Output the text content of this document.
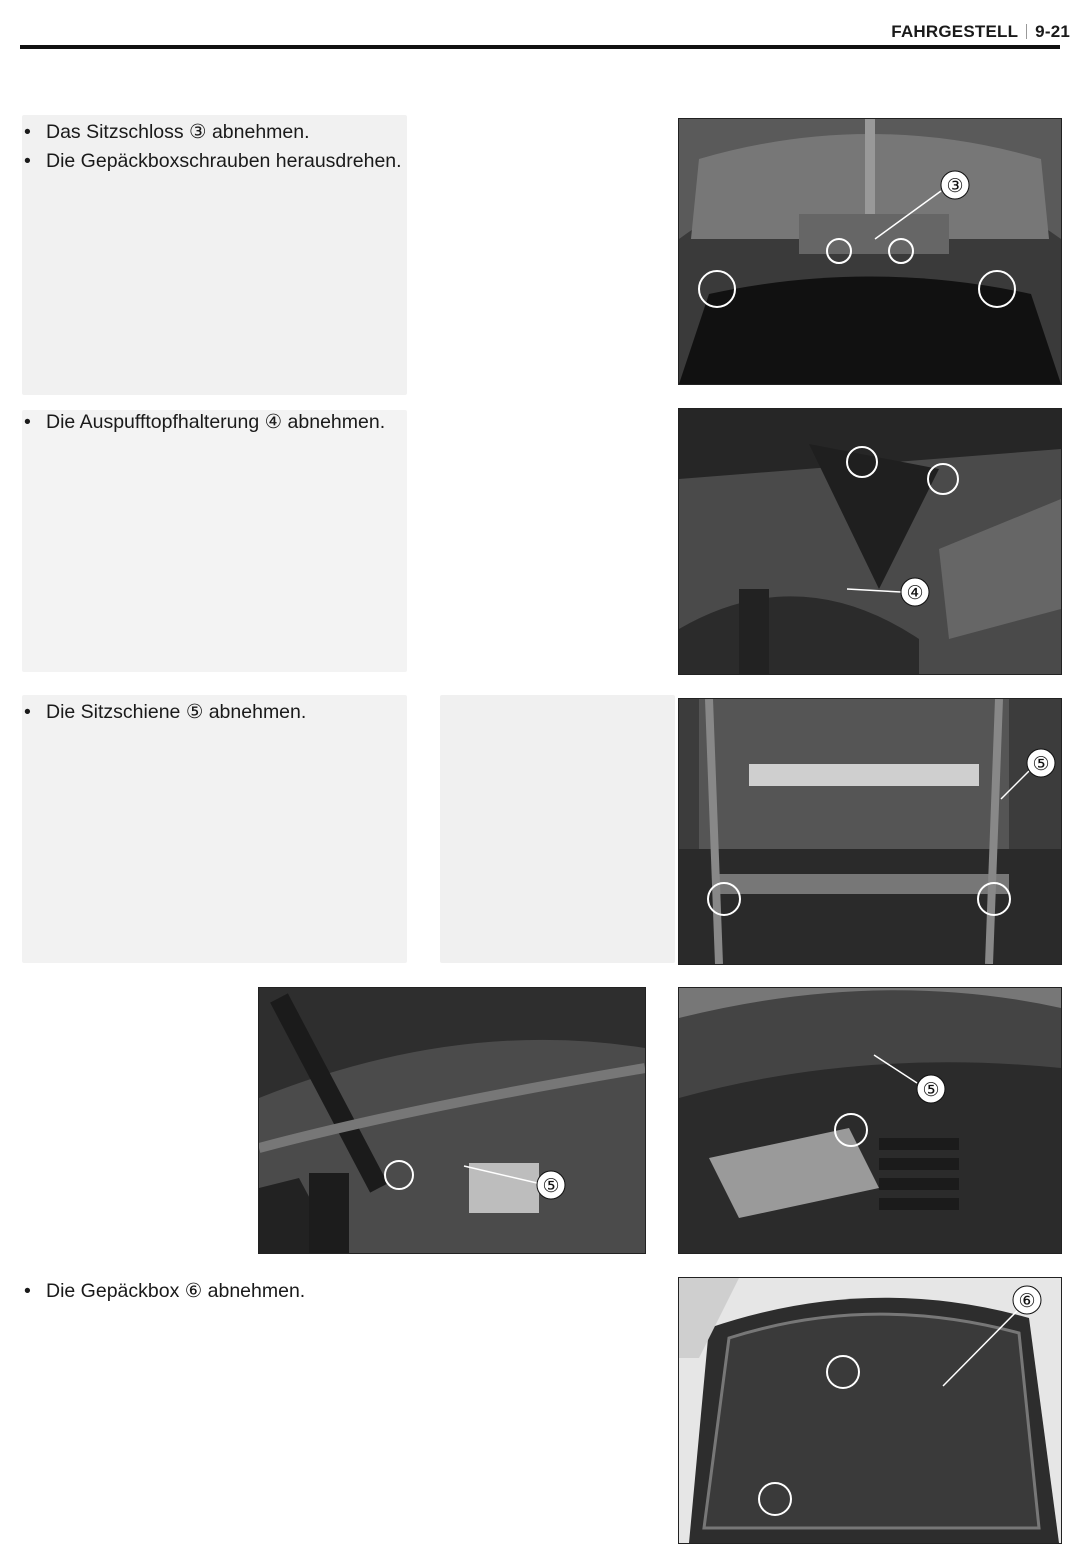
FAHRGESTELL 9-21
• Das Sitzschloss ③ abnehmen.
• Die Gepäckboxschrauben herausdrehen.
• Die Auspufftopfhalterung ④ abnehmen.
• Die Sitzschiene ⑤ abnehmen.
• Die Gepäckbox ⑥ abnehmen.
③
④
⑤
⑤
⑤
⑥
